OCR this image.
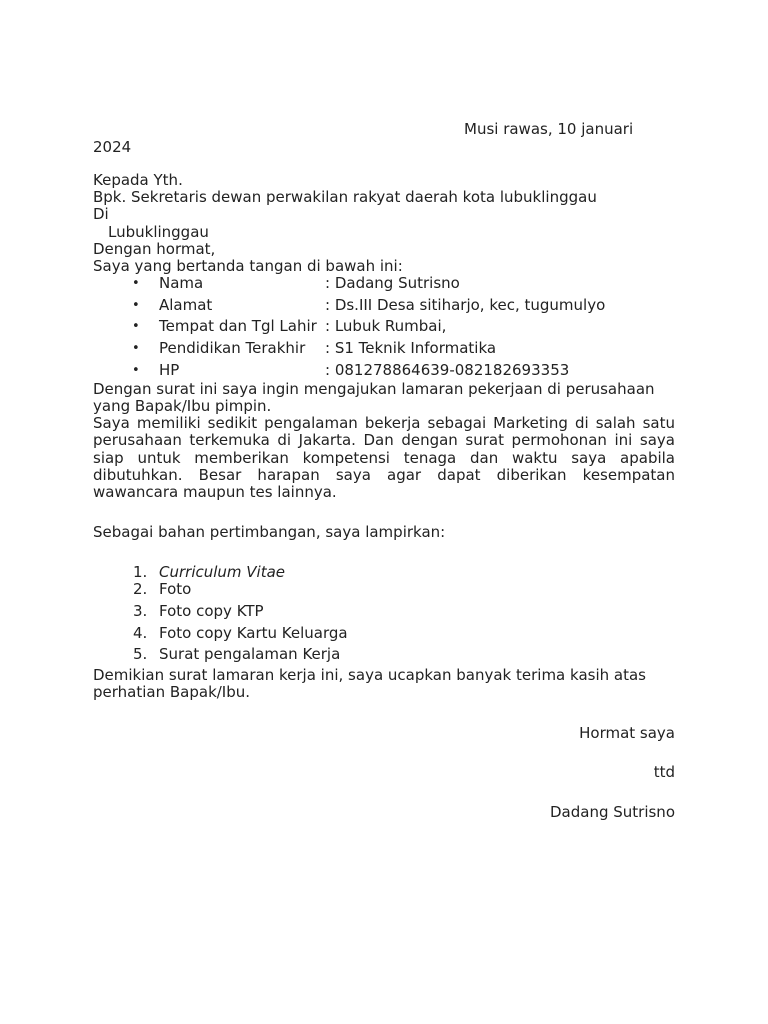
Musi rawas, 10 januari
2024
Kepada Yth.
Bpk. Sekretaris dewan perwakilan rakyat daerah kota lubuklinggau
Di
Lubuklinggau
Dengan hormat,
Saya yang bertanda tangan di bawah ini:
• Nama	: Dadang Sutrisno
• Alamat	: Ds.III Desa sitiharjo, kec, tugumulyo
• Tempat dan Tgl Lahir : Lubuk Rumbai,
• Pendidikan Terakhir : S1 Teknik Informatika
• HP	: 081278864639-082182693353
Dengan surat ini saya ingin mengajukan lamaran pekerjaan di perusahaan yang Bapak/Ibu pimpin.
Saya memiliki sedikit pengalaman bekerja sebagai Marketing di salah satu perusahaan terkemuka di Jakarta. Dan dengan surat permohonan ini saya siap untuk memberikan kompetensi tenaga dan waktu saya apabila dibutuhkan. Besar harapan saya agar dapat diberikan kesempatan wawancara maupun tes lainnya.
Sebagai bahan pertimbangan, saya lampirkan:
1. Curriculum Vitae
2. Foto
3. Foto copy KTP
4. Foto copy Kartu Keluarga
5. Surat pengalaman Kerja
Demikian surat lamaran kerja ini, saya ucapkan banyak terima kasih atas perhatian Bapak/Ibu.
Hormat saya
ttd
Dadang Sutrisno
